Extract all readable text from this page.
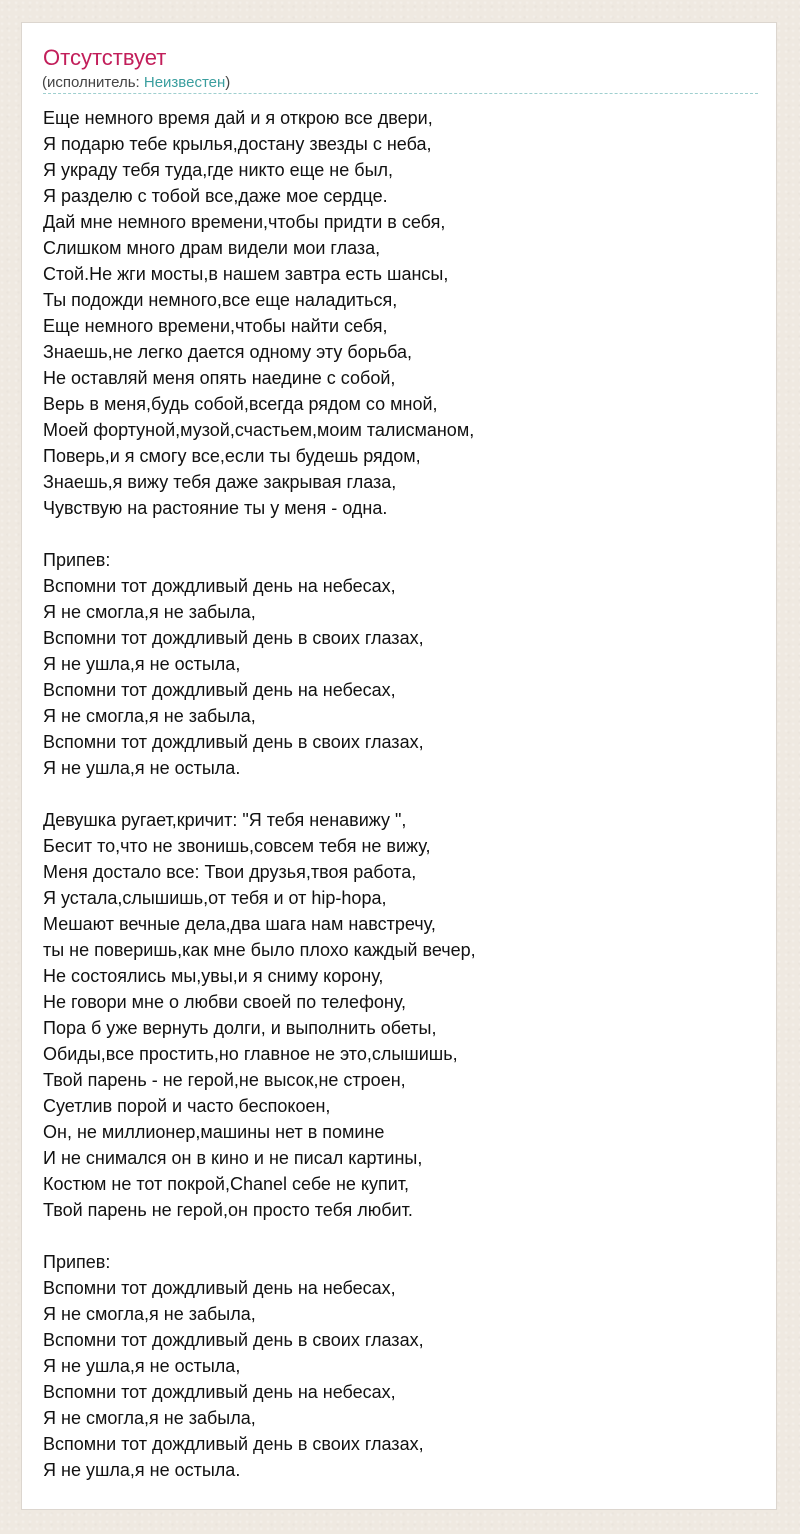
Отсутствует
(исполнитель: Неизвестен)
Еще немного время дай и я открою все двери,
Я подарю тебе крылья,достану звезды с неба,
Я украду тебя туда,где никто еще не был,
Я разделю с тобой все,даже мое сердце.
Дай мне немного времени,чтобы придти в себя,
Слишком много драм видели мои глаза,
Стой.Не жги мосты,в нашем завтра есть шансы,
Ты подожди немного,все еще наладиться,
Еще немного времени,чтобы найти себя,
Знаешь,не легко дается одному эту борьба,
Не оставляй меня опять наедине с собой,
Верь в меня,будь собой,всегда рядом со мной,
Моей фортуной,музой,счастьем,моим талисманом,
Поверь,и я смогу все,если ты будешь рядом,
Знаешь,я вижу тебя даже закрывая глаза,
Чувствую на растояние ты у меня - одна.
Припев:
Вспомни тот дождливый день на небесах,
Я не смогла,я не забыла,
Вспомни тот дождливый день в своих глазах,
Я не ушла,я не остыла,
Вспомни тот дождливый день на небесах,
Я не смогла,я не забыла,
Вспомни тот дождливый день в своих глазах,
Я не ушла,я не остыла.
Девушка ругает,кричит: "Я тебя ненавижу ",
Бесит то,что не звонишь,совсем тебя не вижу,
Меня достало все: Твои друзья,твоя работа,
Я устала,слышишь,от тебя и от hip-hopa,
Мешают вечные дела,два шага нам навстречу,
ты не поверишь,как мне было плохо каждый вечер,
Не состоялись мы,увы,и я сниму корону,
Не говори мне о любви своей по телефону,
Пора б уже вернуть долги, и выполнить обеты,
Обиды,все простить,но главное не это,слышишь,
Твой парень - не герой,не высок,не строен,
Суетлив порой и часто беспокоен,
Он, не миллионер,машины нет в помине
И не снимался он в кино и не писал картины,
Костюм не тот покрой,Chanel себе не купит,
Твой парень не герой,он просто тебя любит.
Припев:
Вспомни тот дождливый день на небесах,
Я не смогла,я не забыла,
Вспомни тот дождливый день в своих глазах,
Я не ушла,я не остыла,
Вспомни тот дождливый день на небесах,
Я не смогла,я не забыла,
Вспомни тот дождливый день в своих глазах,
Я не ушла,я не остыла.
